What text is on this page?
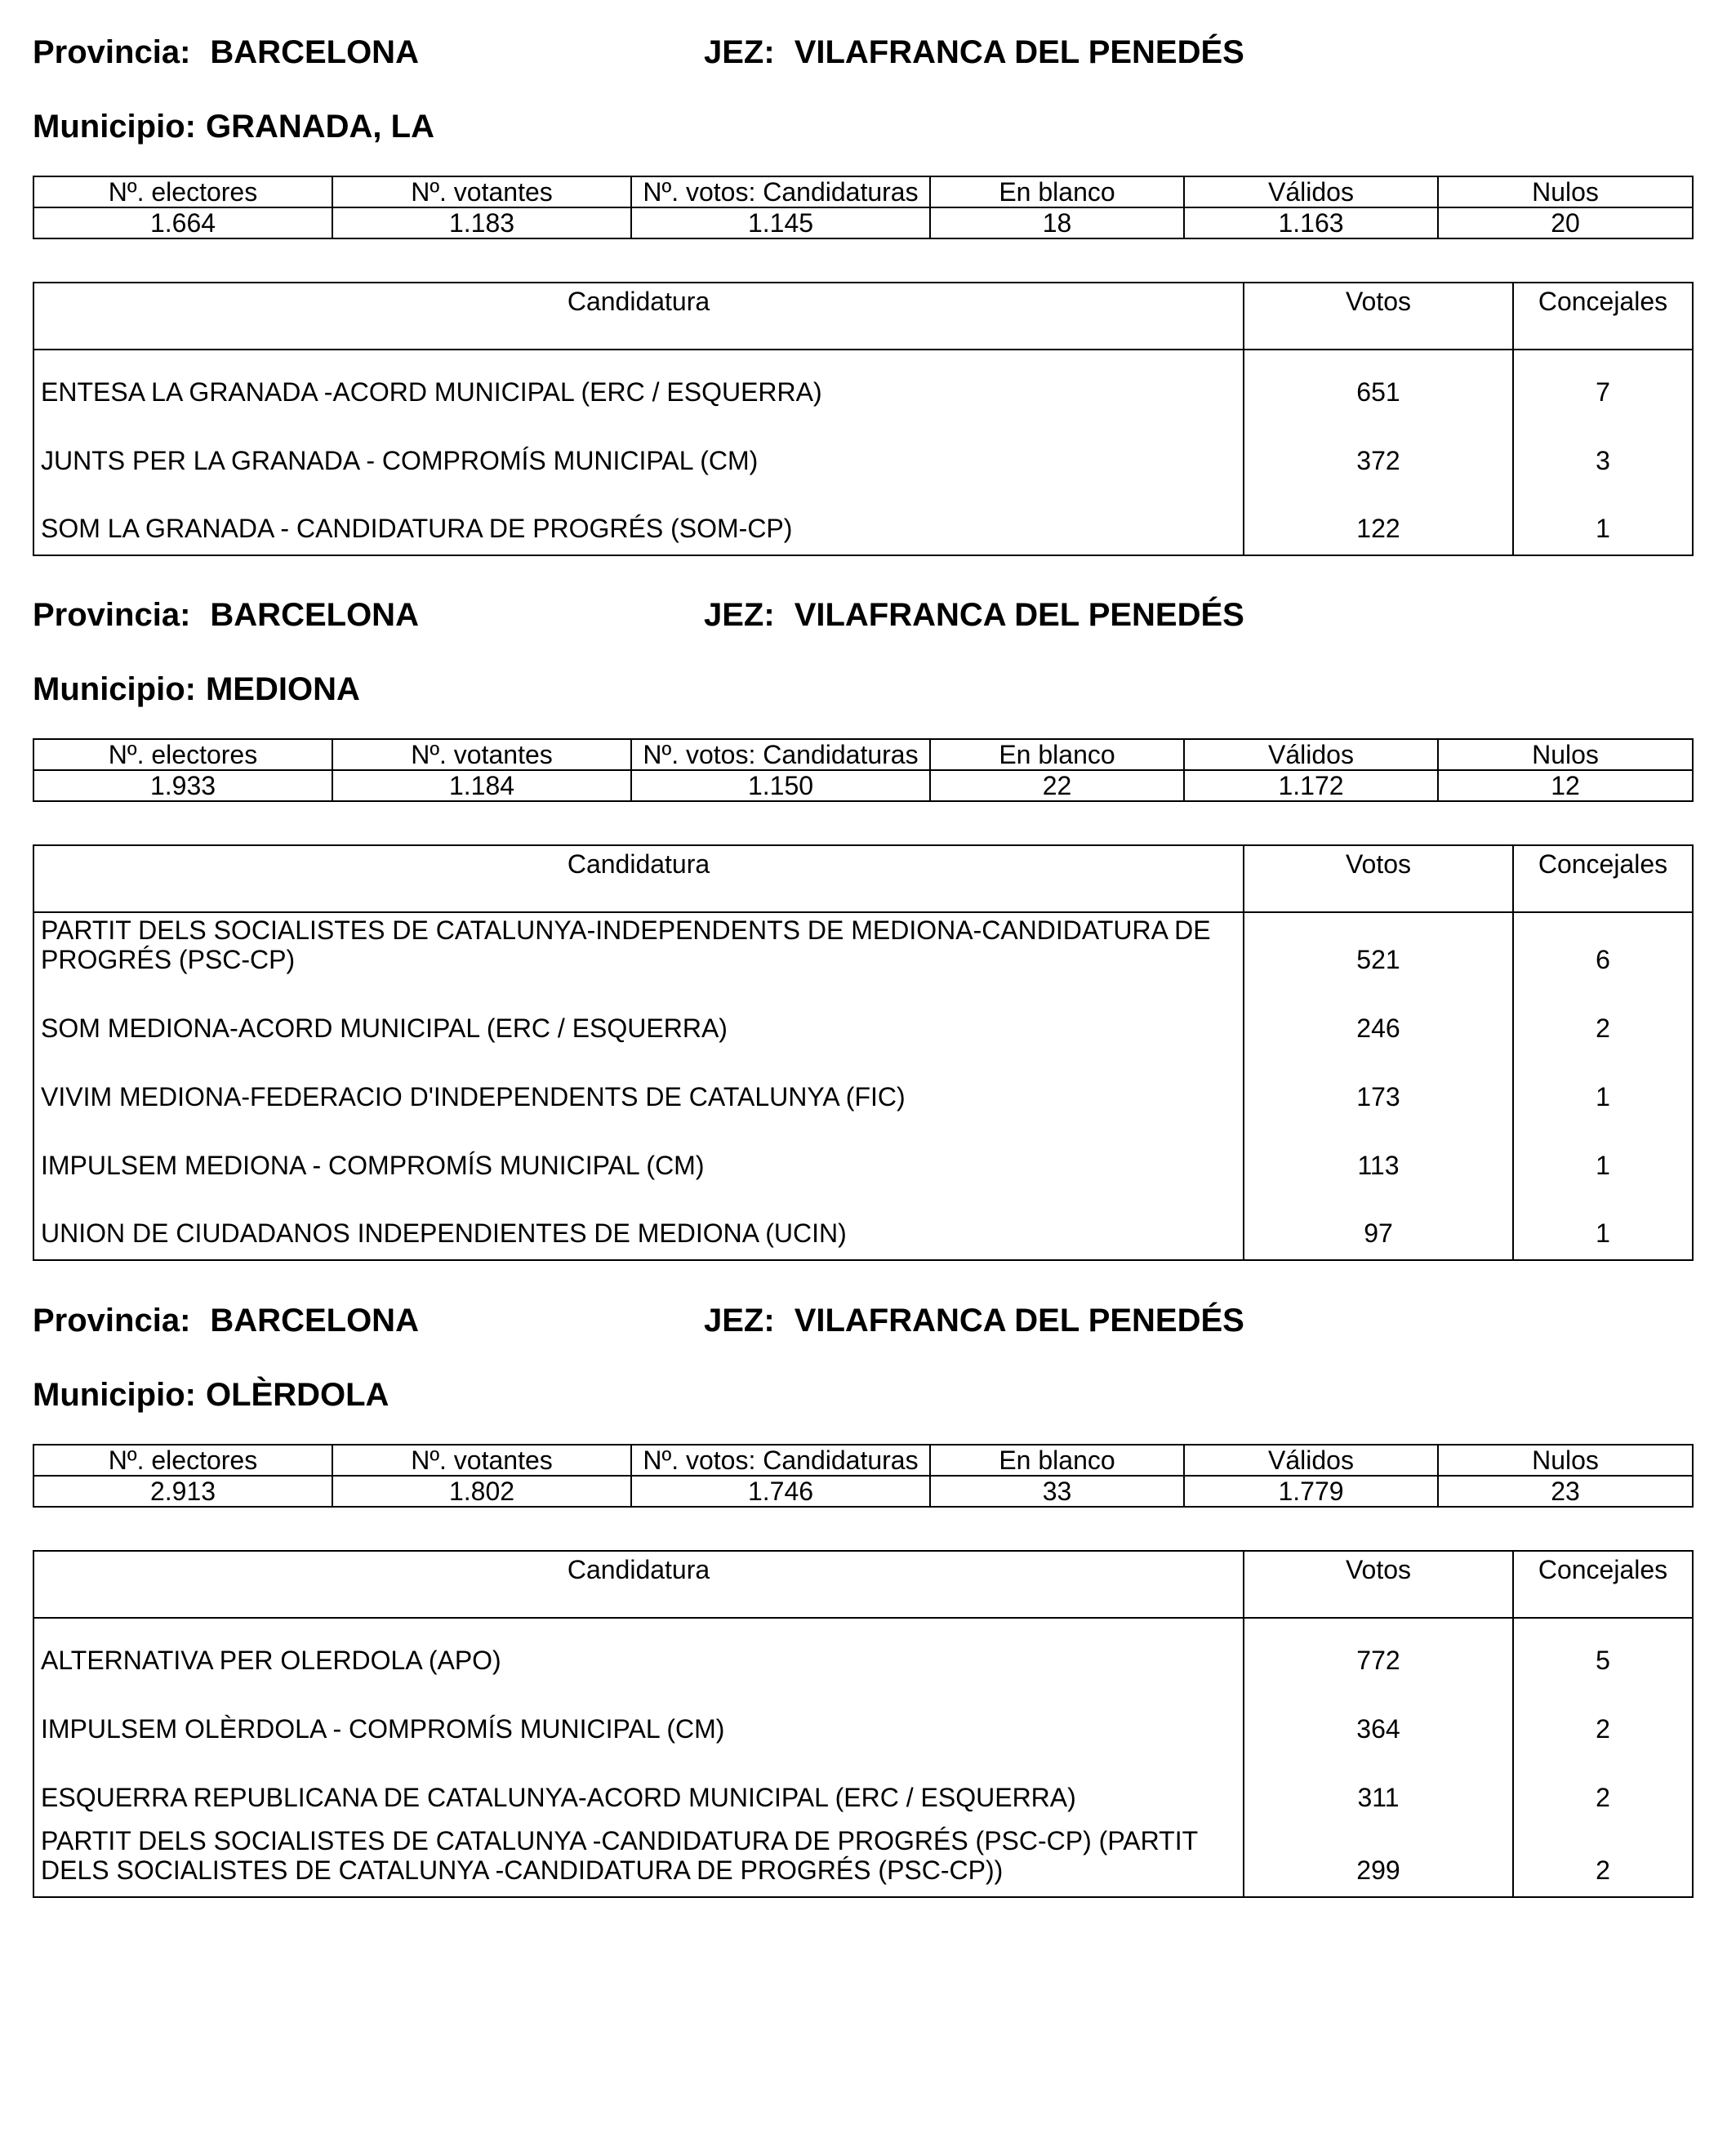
Provincia: BARCELONA	JEZ: VILAFRANCA DEL PENEDÉS
Municipio: GRANADA, LA
Nº. electores	Nº. votantes	Nº. votos: Candidaturas	En blanco	Válidos	Nulos
1.664	1.183	1.145	18	1.163	20
Candidatura	Votos	Concejales
ENTESA LA GRANADA -ACORD MUNICIPAL (ERC / ESQUERRA)	651	7
JUNTS PER LA GRANADA - COMPROMÍS MUNICIPAL (CM)	372	3
SOM LA GRANADA - CANDIDATURA DE PROGRÉS (SOM-CP)	122	1
Provincia: BARCELONA	JEZ: VILAFRANCA DEL PENEDÉS
Municipio: MEDIONA
Nº. electores	Nº. votantes	Nº. votos: Candidaturas	En blanco	Válidos	Nulos
1.933	1.184	1.150	22	1.172	12
Candidatura	Votos	Concejales
PARTIT DELS SOCIALISTES DE CATALUNYA-INDEPENDENTS DE MEDIONA-CANDIDATURA DE PROGRÉS (PSC-CP)	521	6
SOM MEDIONA-ACORD MUNICIPAL (ERC / ESQUERRA)	246	2
VIVIM MEDIONA-FEDERACIO D'INDEPENDENTS DE CATALUNYA (FIC)	173	1
IMPULSEM MEDIONA - COMPROMÍS MUNICIPAL (CM)	113	1
UNION DE CIUDADANOS INDEPENDIENTES DE MEDIONA (UCIN)	97	1
Provincia: BARCELONA	JEZ: VILAFRANCA DEL PENEDÉS
Municipio: OLÈRDOLA
Nº. electores	Nº. votantes	Nº. votos: Candidaturas	En blanco	Válidos	Nulos
2.913	1.802	1.746	33	1.779	23
Candidatura	Votos	Concejales
ALTERNATIVA PER OLERDOLA (APO)	772	5
IMPULSEM OLÈRDOLA - COMPROMÍS MUNICIPAL (CM)	364	2
ESQUERRA REPUBLICANA DE CATALUNYA-ACORD MUNICIPAL (ERC / ESQUERRA)	311	2
PARTIT DELS SOCIALISTES DE CATALUNYA -CANDIDATURA DE PROGRÉS (PSC-CP) (PARTIT DELS SOCIALISTES DE CATALUNYA -CANDIDATURA DE PROGRÉS (PSC-CP))	299	2
